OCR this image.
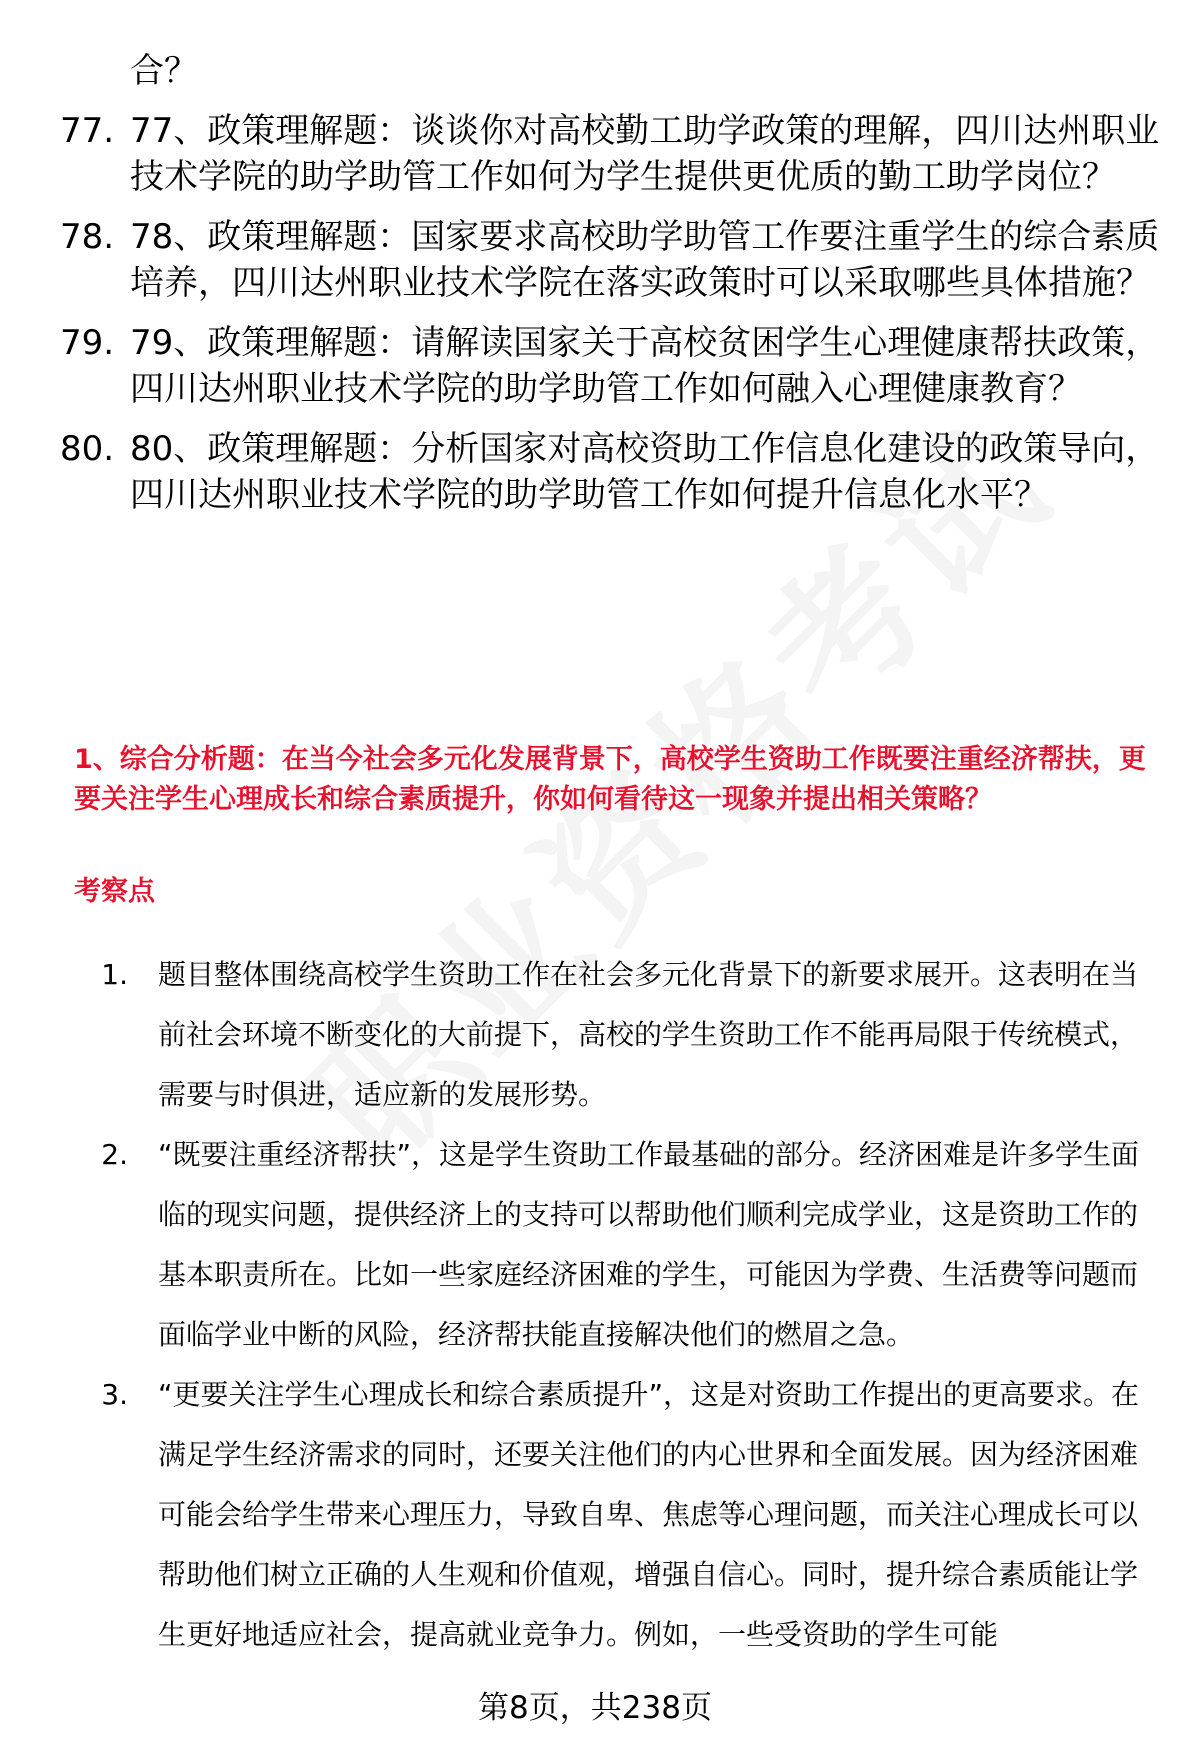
合？
77. 77、政策理解题：谈谈你对高校勤工助学政策的理解，四川达州职业技术学院的助学助管工作如何为学生提供更优质的勤工助学岗位？
78. 78、政策理解题：国家要求高校助学助管工作要注重学生的综合素质培养，四川达州职业技术学院在落实政策时可以采取哪些具体措施？
79. 79、政策理解题：请解读国家关于高校贫困学生心理健康帮扶政策，四川达州职业技术学院的助学助管工作如何融入心理健康教育？
80. 80、政策理解题：分析国家对高校资助工作信息化建设的政策导向，四川达州职业技术学院的助学助管工作如何提升信息化水平？
1、综合分析题：在当今社会多元化发展背景下，高校学生资助工作既要注重经济帮扶，更要关注学生心理成长和综合素质提升，你如何看待这一现象并提出相关策略？
考察点
1.	题目整体围绕高校学生资助工作在社会多元化背景下的新要求展开。这表明在当前社会环境不断变化的大前提下，高校的学生资助工作不能再局限于传统模式，需要与时俱进，适应新的发展形势。
2.	“既要注重经济帮扶”，这是学生资助工作最基础的部分。经济困难是许多学生面临的现实问题，提供经济上的支持可以帮助他们顺利完成学业，这是资助工作的基本职责所在。比如一些家庭经济困难的学生，可能因为学费、生活费等问题而面临学业中断的风险，经济帮扶能直接解决他们的燃眉之急。
3.	“更要关注学生心理成长和综合素质提升”，这是对资助工作提出的更高要求。在满足学生经济需求的同时，还要关注他们的内心世界和全面发展。因为经济困难可能会给学生带来心理压力，导致自卑、焦虑等心理问题，而关注心理成长可以帮助他们树立正确的人生观和价值观，增强自信心。同时，提升综合素质能让学生更好地适应社会，提高就业竞争力。例如，一些受资助的学生可能
第8页，共238页
